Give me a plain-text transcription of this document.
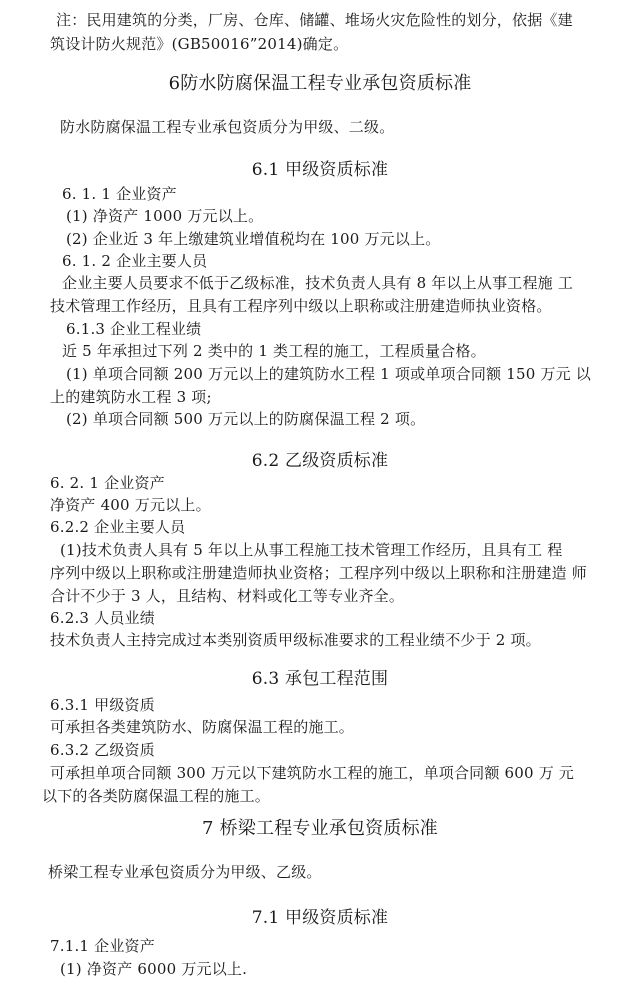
注：民用建筑的分类，厂房、仓库、储罐、堆场火灾危险性的划分，依据《建
筑设计防火规范》(GB50016”2014)确定。
6防水防腐保温工程专业承包资质标准
防水防腐保温工程专业承包资质分为甲级、二级。
6.1 甲级资质标准
6. 1. 1 企业资产
(1) 净资产 1000 万元以上。
(2) 企业近 3 年上缴建筑业增值税均在 100 万元以上。
6. 1. 2 企业主要人员
企业主要人员要求不低于乙级标准，技术负责人具有 8 年以上从事工程施 工
技术管理工作经历，且具有工程序列中级以上职称或注册建造师执业资格。
6.1.3 企业工程业绩
近 5 年承担过下列 2 类中的 1 类工程的施工，工程质量合格。
(1) 单项合同额 200 万元以上的建筑防水工程 1 项或单项合同额 150 万元 以
上的建筑防水工程 3 项;
(2) 单项合同额 500 万元以上的防腐保温工程 2 项。
6.2 乙级资质标准
6. 2. 1 企业资产
净资产 400 万元以上。
6.2.2 企业主要人员
(1)技术负责人具有 5 年以上从事工程施工技术管理工作经历，且具有工 程
序列中级以上职称或注册建造师执业资格；工程序列中级以上职称和注册建造 师
合计不少于 3 人，且结构、材料或化工等专业齐全。
6.2.3 人员业绩
技术负责人主持完成过本类别资质甲级标准要求的工程业绩不少于 2 项。
6.3 承包工程范围
6.3.1 甲级资质
可承担各类建筑防水、防腐保温工程的施工。
6.3.2 乙级资质
可承担单项合同额 300 万元以下建筑防水工程的施工，单项合同额 600 万 元
以下的各类防腐保温工程的施工。
7 桥梁工程专业承包资质标准
桥梁工程专业承包资质分为甲级、乙级。
7.1 甲级资质标准
7.1.1 企业资产
(1) 净资产 6000 万元以上.
